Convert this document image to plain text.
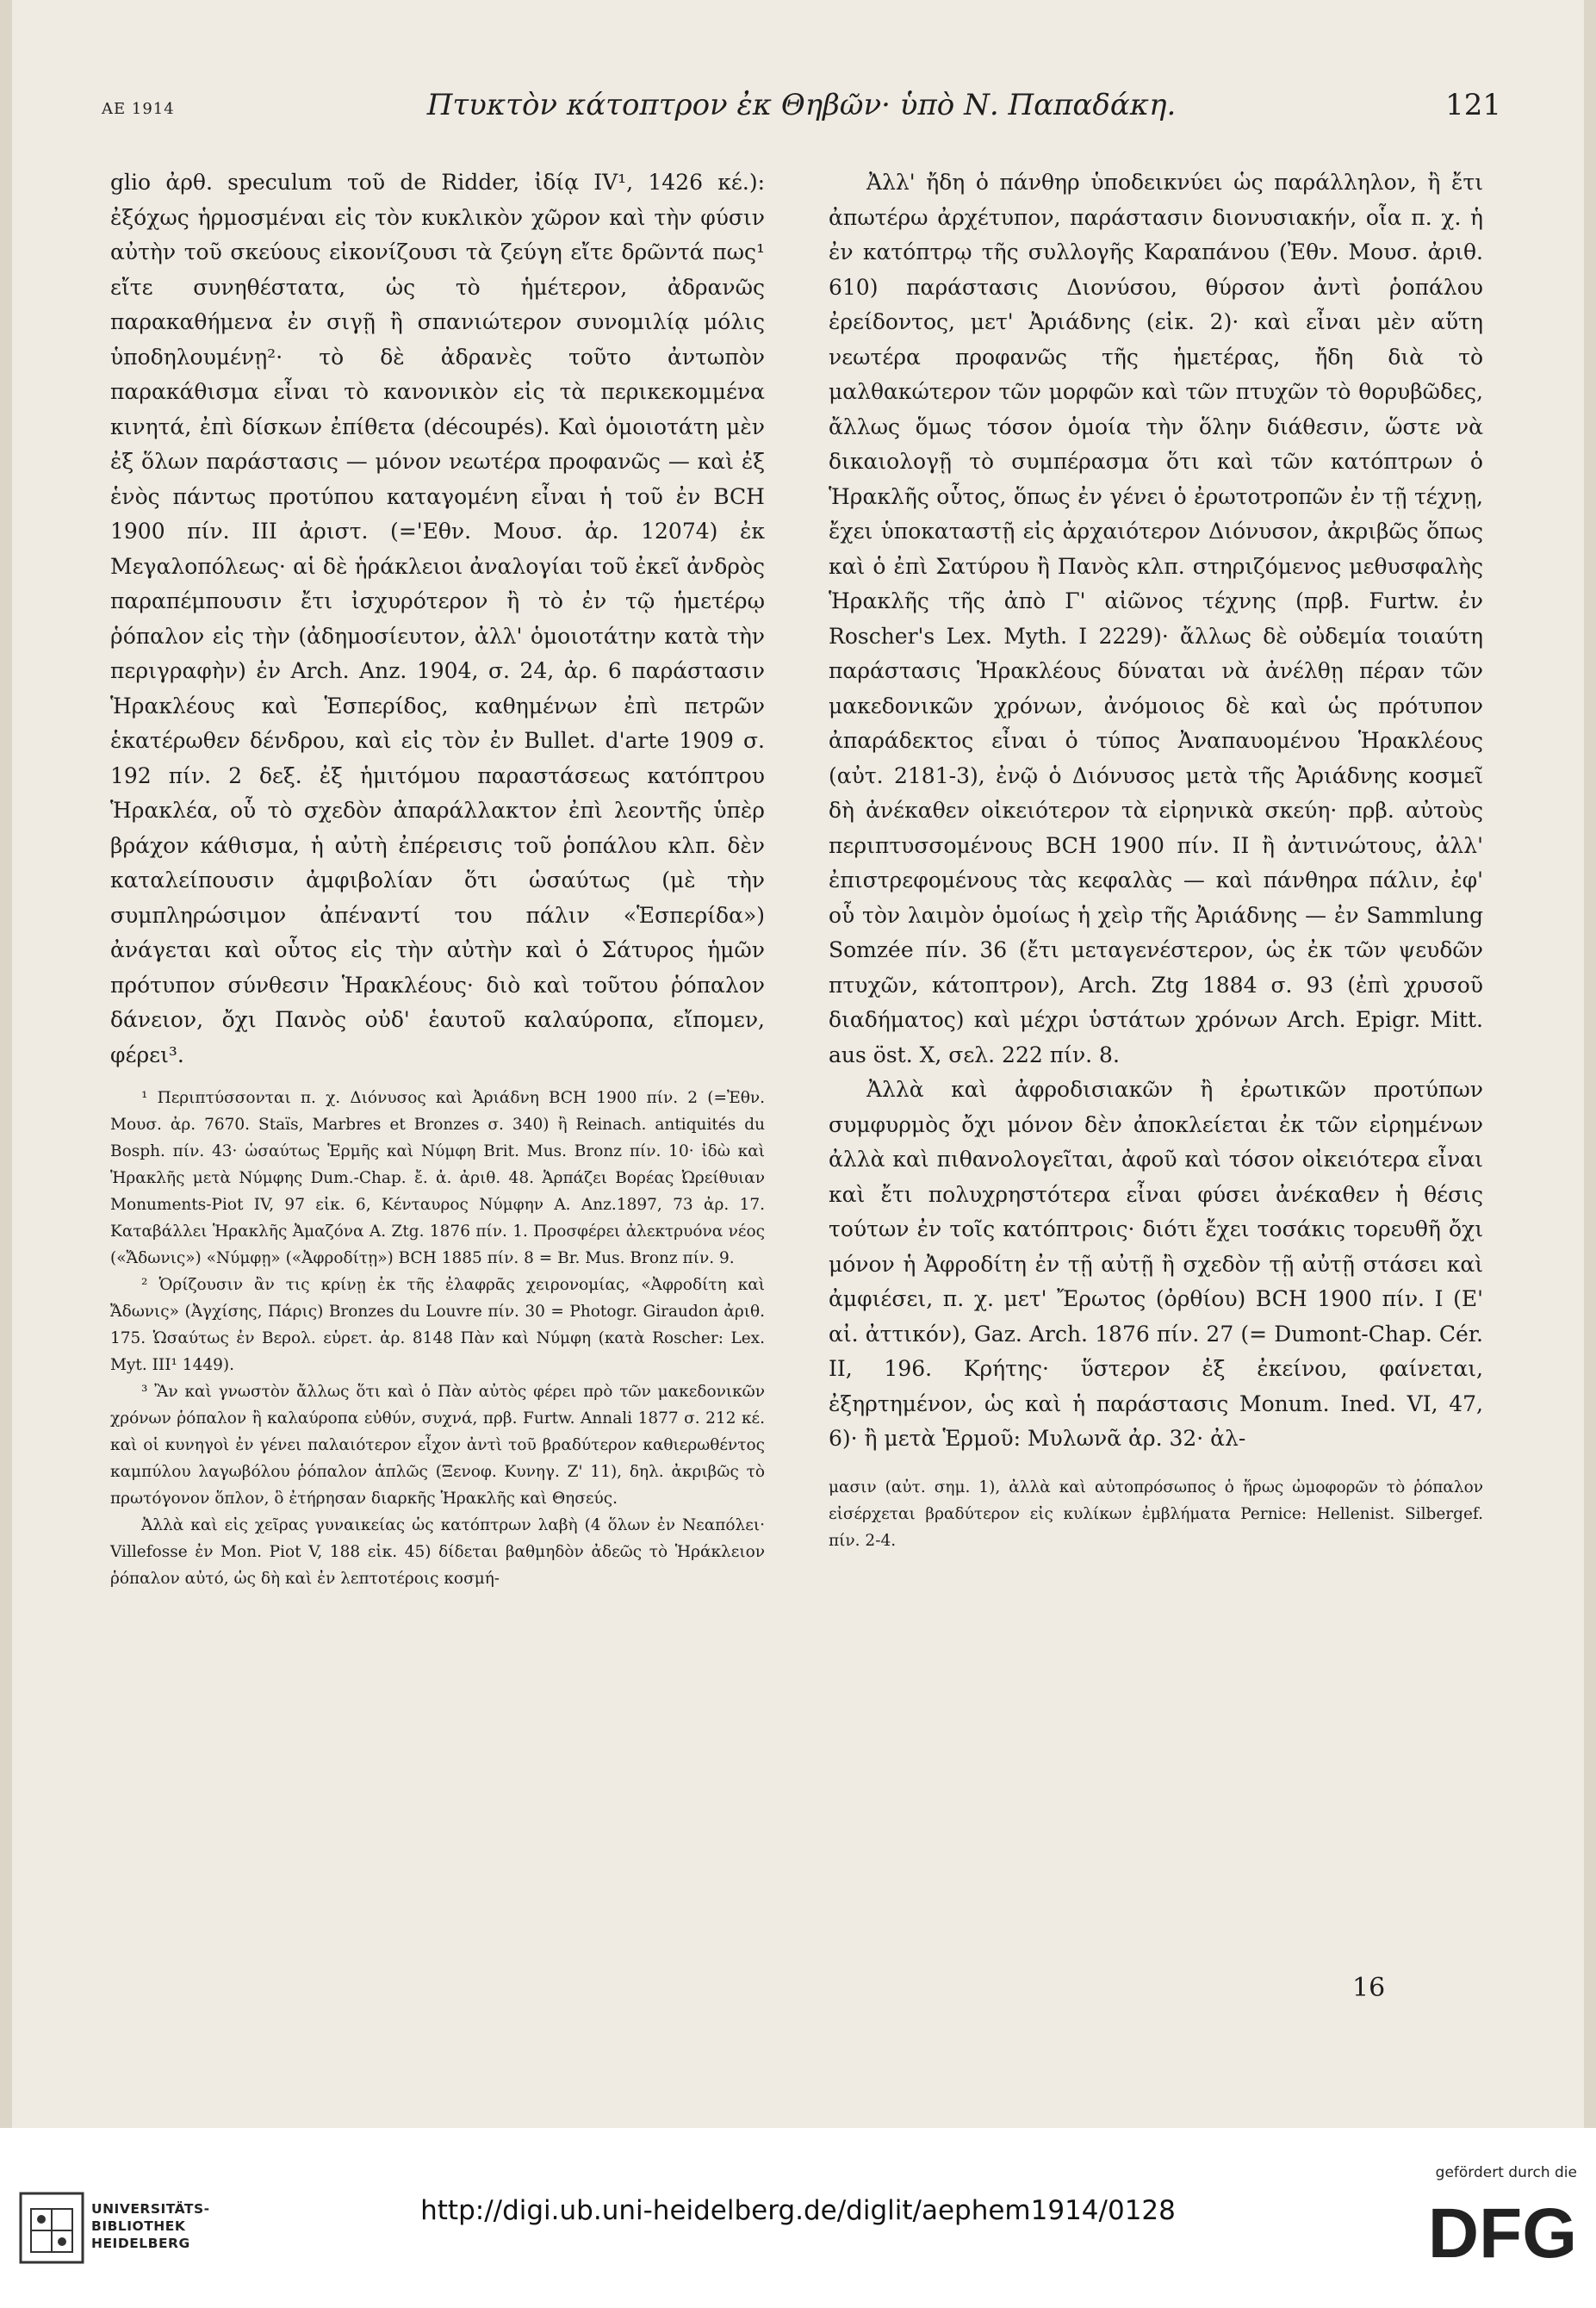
ΑΕ 1914	Πτυκτὸν κάτοπτρον ἐκ Θηβῶν· ὑπὸ Ν. Παπαδάκη.	121

glio ἀρθ. speculum τοῦ de Ridder, ἰδίᾳ IV¹, 1426 κέ.): ἐξόχως ἡρμοσμέναι εἰς τὸν κυκλικὸν χῶρον καὶ τὴν φύσιν αὐτὴν τοῦ σκεύους εἰκονίζουσι τὰ ζεύγη εἴτε δρῶντά πως¹ εἴτε συνηθέστατα, ὡς τὸ ἡμέτερον, ἀδρανῶς παρακαθήμενα ἐν σιγῇ ἢ σπανιώτερον συνομιλίᾳ μόλις ὑποδηλουμένῃ²· τὸ δὲ ἀδρανὲς τοῦτο ἀντωπὸν παρακάθισμα εἶναι τὸ κανονικὸν εἰς τὰ περικεκομμένα κινητά, ἐπὶ δίσκων ἐπίθετα (découpés). Καὶ ὁμοιοτάτη μὲν ἐξ ὅλων παράστασις — μόνον νεωτέρα προφανῶς — καὶ ἐξ ἑνὸς πάντως προτύπου καταγομένη εἶναι ἡ τοῦ ἐν BCH 1900 πίν. III ἀριστ. (='Εθν. Μουσ. ἀρ. 12074) ἐκ Μεγαλοπόλεως· αἱ δὲ ἡράκλειοι ἀναλογίαι τοῦ ἐκεῖ ἀνδρὸς παραπέμπουσιν ἔτι ἰσχυρότερον ἢ τὸ ἐν τῷ ἡμετέρῳ ῥόπαλον εἰς τὴν (ἀδημοσίευτον, ἀλλ' ὁμοιοτάτην κατὰ τὴν περιγραφὴν) ἐν Arch. Anz. 1904, σ. 24, ἀρ. 6 παράστασιν Ἡρακλέους καὶ Ἑσπερίδος, καθημένων ἐπὶ πετρῶν ἑκατέρωθεν δένδρου, καὶ εἰς τὸν ἐν Bullet. d'arte 1909 σ. 192 πίν. 2 δεξ. ἐξ ἡμιτόμου παραστάσεως κατόπτρου Ἡρακλέα, οὗ τὸ σχεδὸν ἀπαράλλακτον ἐπὶ λεοντῆς ὑπὲρ βράχον κάθισμα, ἡ αὐτὴ ἐπέρεισις τοῦ ῥοπάλου κλπ. δὲν καταλείπουσιν ἀμφιβολίαν ὅτι ὡσαύτως (μὲ τὴν συμπληρώσιμον ἀπέναντί του πάλιν «Ἑσπερίδα») ἀνάγεται καὶ οὗτος εἰς τὴν αὐτὴν καὶ ὁ Σάτυρος ἡμῶν πρότυπον σύνθεσιν Ἡρακλέους· διὸ καὶ τοῦτου ῥόπαλον δάνειον, ὄχι Πανὸς οὐδ' ἑαυτοῦ καλαύροπα, εἴπομεν, φέρει³.

¹ Περιπτύσσονται π. χ. Διόνυσος καὶ Ἀριάδνη BCH 1900 πίν. 2 (=Ἐθν. Μουσ. ἀρ. 7670. Staïs, Marbres et Bronzes σ. 340) ἢ Reinach. antiquités du Bosph. πίν. 43· ὡσαύτως Ἑρμῆς καὶ Νύμφη Brit. Mus. Bronz πίν. 10· ἰδὼ καὶ Ἡρακλῆς μετὰ Νύμφης Dum.-Chap. ἔ. ἀ. ἀριθ. 48. Ἁρπάζει Βορέας Ὠρείθυιαν Monuments-Piot IV, 97 εἰκ. 6, Κένταυρος Νύμφην A. Anz.1897, 73 ἀρ. 17. Καταβάλλει Ἡρακλῆς Ἀμαζόνα A. Ztg. 1876 πίν. 1. Προσφέρει ἀλεκτρυόνα νέος («Ἄδωνις») «Νύμφῃ» («Ἀφροδίτῃ») BCH 1885 πίν. 8 = Br. Mus. Bronz πίν. 9.

² Ὁρίζουσιν ἂν τις κρίνῃ ἐκ τῆς ἐλαφρᾶς χειρονομίας, «Ἀφροδίτη καὶ Ἄδωνις» (Ἀγχίσης, Πάρις) Bronzes du Louvre πίν. 30 = Photogr. Giraudon ἀριθ. 175. Ὡσαύτως ἐν Βερολ. εὑρετ. ἀρ. 8148 Πὰν καὶ Νύμφη (κατὰ Roscher: Lex. Myt. III¹ 1449).

³ Ἂν καὶ γνωστὸν ἄλλως ὅτι καὶ ὁ Πὰν αὐτὸς φέρει πρὸ τῶν μακεδονικῶν χρόνων ῥόπαλον ἢ καλαύροπα εὐθύν, συχνά, πρβ. Furtw. Annali 1877 σ. 212 κέ. καὶ οἱ κυνηγοὶ ἐν γένει παλαιότερον εἶχον ἀντὶ τοῦ βραδύτερον καθιερωθέντος καμπύλου λαγωβόλου ῥόπαλον ἁπλῶς (Ξενοφ. Κυνηγ. Ζ' 11), δηλ. ἀκριβῶς τὸ πρωτόγονον ὅπλον, ὃ ἐτήρησαν διαρκῆς Ἡρακλῆς καὶ Θησεύς.

Ἀλλὰ καὶ εἰς χεῖρας γυναικείας ὡς κατόπτρων λαβὴ (4 ὅλων ἐν Νεαπόλει· Villefosse ἐν Mon. Piot V, 188 εἰκ. 45) δίδεται βαθμηδὸν ἀδεῶς τὸ Ἡράκλειον ῥόπαλον αὐτό, ὡς δὴ καὶ ἐν λεπτοτέροις κοσμή-

Ἀλλ' ἤδη ὁ πάνθηρ ὑποδεικνύει ὡς παράλληλον, ἢ ἔτι ἀπωτέρω ἀρχέτυπον, παράστασιν διονυσιακήν, οἷα π. χ. ἡ ἐν κατόπτρῳ τῆς συλλογῆς Καραπάνου (Ἐθν. Μουσ. ἀριθ. 610) παράστασις Διονύσου, θύρσον ἀντὶ ῥοπάλου ἐρείδοντος, μετ' Ἀριάδνης (εἰκ. 2)· καὶ εἶναι μὲν αὕτη νεωτέρα προφανῶς τῆς ἡμετέρας, ἤδη διὰ τὸ μαλθακώτερον τῶν μορφῶν καὶ τῶν πτυχῶν τὸ θορυβῶδες, ἄλλως ὅμως τόσον ὁμοία τὴν ὅλην διάθεσιν, ὥστε νὰ δικαιολογῇ τὸ συμπέρασμα ὅτι καὶ τῶν κατόπτρων ὁ Ἡρακλῆς οὗτος, ὅπως ἐν γένει ὁ ἐρωτοτροπῶν ἐν τῇ τέχνῃ, ἔχει ὑποκαταστῇ εἰς ἀρχαιότερον Διόνυσον, ἀκριβῶς ὅπως καὶ ὁ ἐπὶ Σατύρου ἢ Πανὸς κλπ. στηριζόμενος μεθυσφαλὴς Ἡρακλῆς τῆς ἀπὸ Γ' αἰῶνος τέχνης (πρβ. Furtw. ἐν Roscher's Lex. Myth. I 2229)· ἄλλως δὲ οὐδεμία τοιαύτη παράστασις Ἡρακλέους δύναται νὰ ἀνέλθῃ πέραν τῶν μακεδονικῶν χρόνων, ἀνόμοιος δὲ καὶ ὡς πρότυπον ἀπαράδεκτος εἶναι ὁ τύπος Ἀναπαυομένου Ἡρακλέους (αὐτ. 2181-3), ἐνῷ ὁ Διόνυσος μετὰ τῆς Ἀριάδνης κοσμεῖ δὴ ἀνέκαθεν οἰκειότερον τὰ εἰρηνικὰ σκεύη· πρβ. αὐτοὺς περιπτυσσομένους BCH 1900 πίν. II ἢ ἀντινώτους, ἀλλ' ἐπιστρεφομένους τὰς κεφαλὰς — καὶ πάνθηρα πάλιν, ἐφ' οὗ τὸν λαιμὸν ὁμοίως ἡ χεὶρ τῆς Ἀριάδνης — ἐν Sammlung Somzée πίν. 36 (ἔτι μεταγενέστερον, ὡς ἐκ τῶν ψευδῶν πτυχῶν, κάτοπτρον), Arch. Ztg 1884 σ. 93 (ἐπὶ χρυσοῦ διαδήματος) καὶ μέχρι ὑστάτων χρόνων Arch. Epigr. Mitt. aus öst. X, σελ. 222 πίν. 8.

Ἀλλὰ καὶ ἀφροδισιακῶν ἢ ἐρωτικῶν προτύπων συμφυρμὸς ὄχι μόνον δὲν ἀποκλείεται ἐκ τῶν εἰρημένων ἀλλὰ καὶ πιθανολογεῖται, ἀφοῦ καὶ τόσον οἰκειότερα εἶναι καὶ ἔτι πολυχρηστότερα εἶναι φύσει ἀνέκαθεν ἡ θέσις τούτων ἐν τοῖς κατόπτροις· διότι ἔχει τοσάκις τορευθῆ ὄχι μόνον ἡ Ἀφροδίτη ἐν τῇ αὐτῇ ἢ σχεδὸν τῇ αὐτῇ στάσει καὶ ἀμφιέσει, π. χ. μετ' Ἔρωτος (ὀρθίου) BCH 1900 πίν. I (Ε' αἰ. ἀττικόν), Gaz. Arch. 1876 πίν. 27 (= Dumont-Chap. Cér. II, 196. Κρήτης· ὕστερον ἐξ ἐκείνου, φαίνεται, ἐξηρτημένον, ὡς καὶ ἡ παράστασις Monum. Ined. VI, 47, 6)· ἢ μετὰ Ἑρμοῦ: Μυλωνᾶ ἀρ. 32· ἀλ-

μασιν (αὐτ. σημ. 1), ἀλλὰ καὶ αὐτοπρόσωπος ὁ ἥρως ὠμοφορῶν τὸ ῥόπαλον εἰσέρχεται βραδύτερον εἰς κυλίκων ἐμβλήματα Pernice: Hellenist. Silbergef. πίν. 2-4.

16
UNIVERSITÄTS-
BIBLIOTHEK
HEIDELBERG
http://digi.ub.uni-heidelberg.de/diglit/aephem1914/0128
gefördert durch die
DFG
